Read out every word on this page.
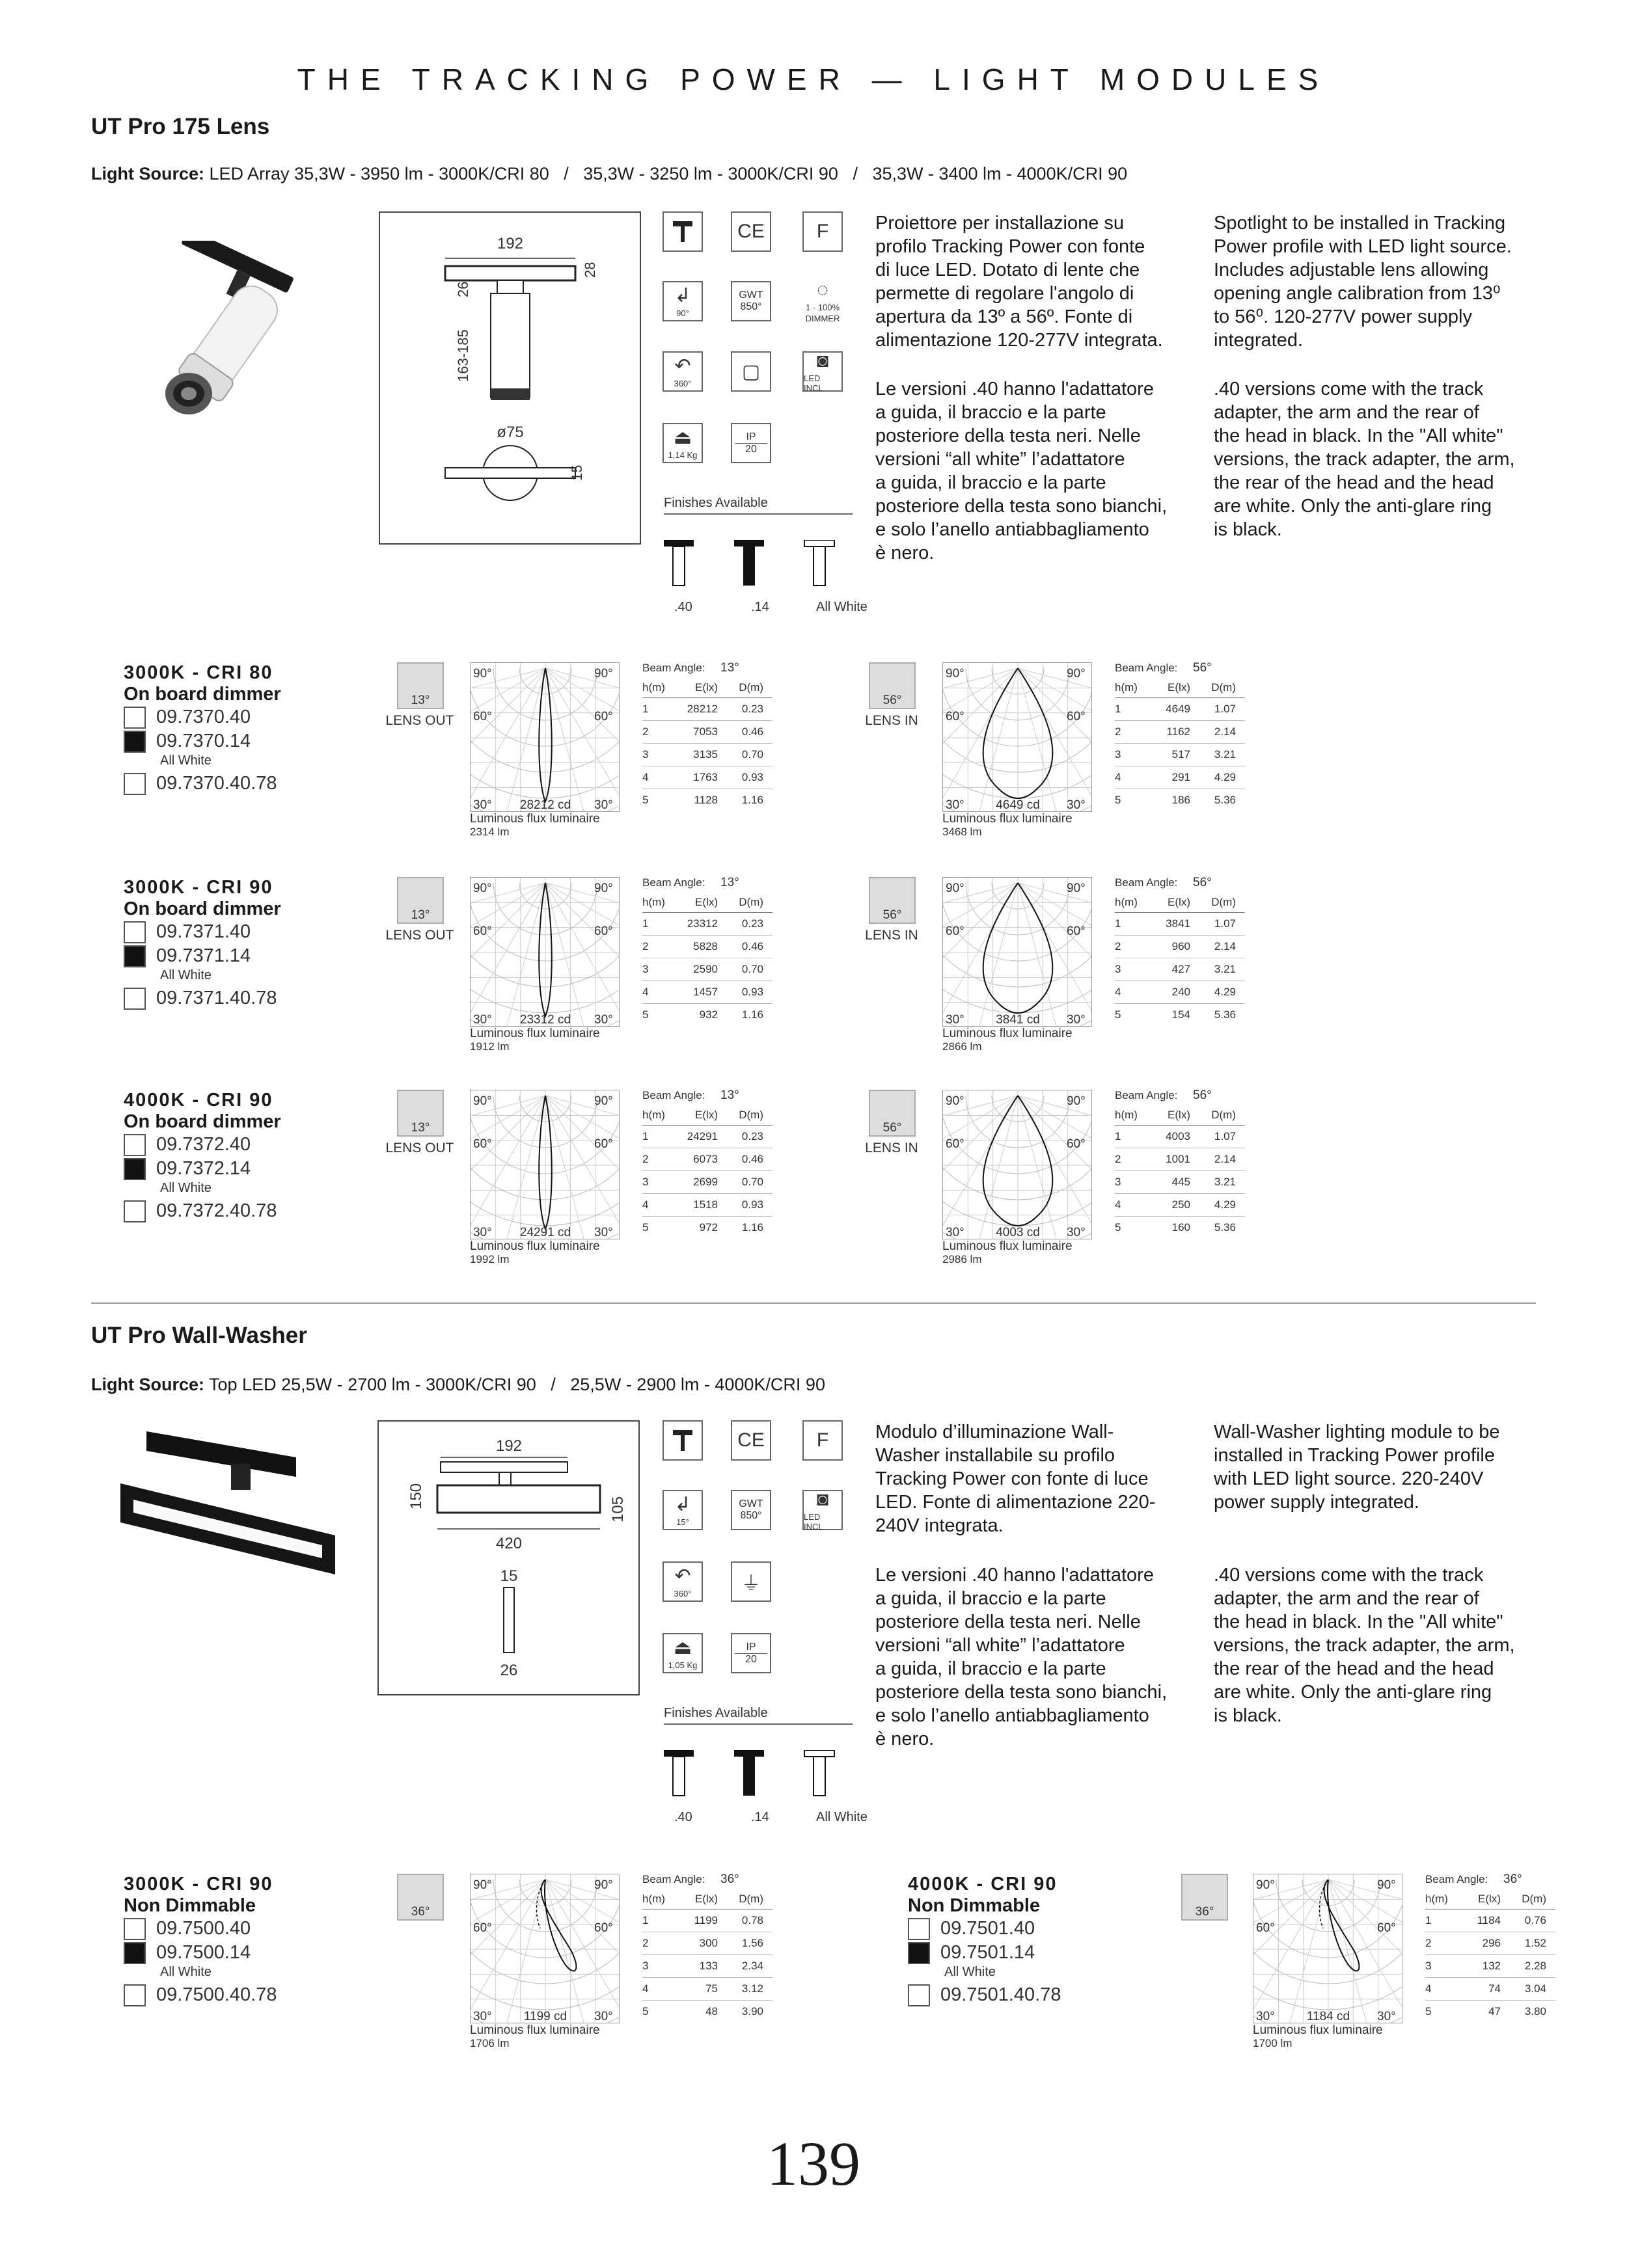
THE TRACKING POWER — LIGHT MODULES
UT Pro 175 Lens
Light Source: LED Array 35,3W - 3950 lm - 3000K/CRI 80   /   35,3W - 3250 lm - 3000K/CRI 90   /   35,3W - 3400 lm - 4000K/CRI 90
192
28
26
163-185
ø75
15
CE	F
↲
90°
GWT
850°
◌
1 - 100%
DIMMER
↶
360°
▢	◙
LED INCL
⏏
1,14 Kg
IP
20
Finishes Available
.40	.14	All White
Proiettore per installazione su
profilo Tracking Power con fonte
di luce LED. Dotato di lente che
permette di regolare l'angolo di
apertura da 13º a 56º. Fonte di
alimentazione 120-277V integrata.
Le versioni .40 hanno l'adattatore
a guida, il braccio e la parte
posteriore della testa neri. Nelle
versioni “all white” l’adattatore
a guida, il braccio e la parte
posteriore della testa sono bianchi,
e solo l’anello antiabbagliamento
è nero.
Spotlight to be installed in Tracking
Power profile with LED light source.
Includes adjustable lens allowing
opening angle calibration from 13⁰
to 56⁰. 120-277V power supply
integrated.
.40 versions come with the track
adapter, the arm and the rear of
the head in black. In the "All white"
versions, the track adapter, the arm,
the rear of the head and the head
are white. Only the anti-glare ring
is black.
3000K - CRI 80
On board dimmer
09.7370.40
09.7370.14
All White
09.7370.40.78
13°
LENS OUT
90°	90°
60°	60°
30°	30°
28212 cd
Luminous flux luminaire
2314 lm
Beam Angle:	13°
h(m)	E(lx)	D(m)
1	28212	0.23
2	7053	0.46
3	3135	0.70
4	1763	0.93
5	1128	1.16
56°
LENS IN
90°	90°
60°	60°
30°	30°
4649 cd
Luminous flux luminaire
3468 lm
Beam Angle:	56°
h(m)	E(lx)	D(m)
1	4649	1.07
2	1162	2.14
3	517	3.21
4	291	4.29
5	186	5.36
3000K - CRI 90
On board dimmer
09.7371.40
09.7371.14
All White
09.7371.40.78
13°
LENS OUT
90°	90°
60°	60°
30°	30°
23312 cd
Luminous flux luminaire
1912 lm
Beam Angle:	13°
h(m)	E(lx)	D(m)
1	23312	0.23
2	5828	0.46
3	2590	0.70
4	1457	0.93
5	932	1.16
56°
LENS IN
90°	90°
60°	60°
30°	30°
3841 cd
Luminous flux luminaire
2866 lm
Beam Angle:	56°
h(m)	E(lx)	D(m)
1	3841	1.07
2	960	2.14
3	427	3.21
4	240	4.29
5	154	5.36
4000K - CRI 90
On board dimmer
09.7372.40
09.7372.14
All White
09.7372.40.78
13°
LENS OUT
90°	90°
60°	60°
30°	30°
24291 cd
Luminous flux luminaire
1992 lm
Beam Angle:	13°
h(m)	E(lx)	D(m)
1	24291	0.23
2	6073	0.46
3	2699	0.70
4	1518	0.93
5	972	1.16
56°
LENS IN
90°	90°
60°	60°
30°	30°
4003 cd
Luminous flux luminaire
2986 lm
Beam Angle:	56°
h(m)	E(lx)	D(m)
1	4003	1.07
2	1001	2.14
3	445	3.21
4	250	4.29
5	160	5.36
UT Pro Wall-Washer
Light Source: Top LED 25,5W - 2700 lm - 3000K/CRI 90   /   25,5W - 2900 lm - 4000K/CRI 90
192
150	105
420
15
26
CE	F
↲
15°
GWT
850°
◙
LED INCL
↶
360°	⏚
⏏
1,05 Kg
IP
20
Finishes Available
.40	.14	All White
Modulo d’illuminazione Wall-
Washer installabile su profilo
Tracking Power con fonte di luce
LED. Fonte di alimentazione 220-
240V integrata.
Le versioni .40 hanno l'adattatore
a guida, il braccio e la parte
posteriore della testa neri. Nelle
versioni “all white” l’adattatore
a guida, il braccio e la parte
posteriore della testa sono bianchi,
e solo l’anello antiabbagliamento
è nero.
Wall-Washer lighting module to be
installed in Tracking Power profile
with LED light source. 220-240V
power supply integrated.
.40 versions come with the track
adapter, the arm and the rear of
the head in black. In the "All white"
versions, the track adapter, the arm,
the rear of the head and the head
are white. Only the anti-glare ring
is black.
3000K - CRI 90
Non Dimmable
09.7500.40
09.7500.14
All White
09.7500.40.78
36°
90°	90°
60°	60°
30°	30°
1199 cd
Luminous flux luminaire
1706 lm
Beam Angle:	36°
h(m)	E(lx)	D(m)
1	1199	0.78
2	300	1.56
3	133	2.34
4	75	3.12
5	48	3.90
4000K - CRI 90
Non Dimmable
09.7501.40
09.7501.14
All White
09.7501.40.78
36°
90°	90°
60°	60°
30°	30°
1184 cd
Luminous flux luminaire
1700 lm
Beam Angle:	36°
h(m)	E(lx)	D(m)
1	1184	0.76
2	296	1.52
3	132	2.28
4	74	3.04
5	47	3.80
139
